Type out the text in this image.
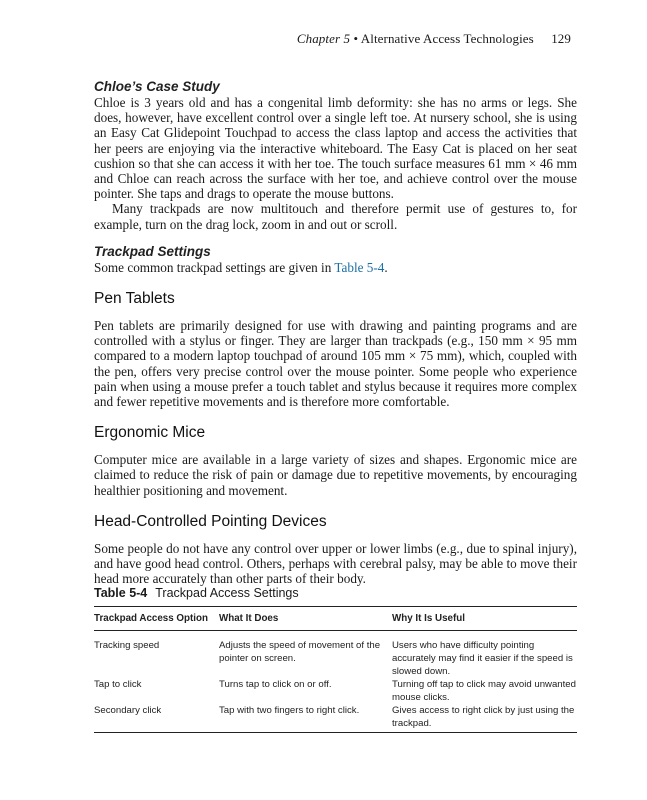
Chapter 5 • Alternative Access Technologies 129
Chloe’s Case Study

Chloe is 3 years old and has a congenital limb deformity: she has no arms or legs. She does, however, have excellent control over a single left toe. At nursery school, she is using an Easy Cat Glidepoint Touchpad to access the class laptop and access the activities that her peers are enjoying via the interactive whiteboard. The Easy Cat is placed on her seat cushion so that she can access it with her toe. The touch surface measures 61 mm × 46 mm and Chloe can reach across the surface with her toe, and achieve control over the mouse pointer. She taps and drags to operate the mouse buttons.

Many trackpads are now multitouch and therefore permit use of gestures to, for example, turn on the drag lock, zoom in and out or scroll.

Trackpad Settings

Some common trackpad settings are given in Table 5-4.

Pen Tablets

Pen tablets are primarily designed for use with drawing and painting programs and are controlled with a stylus or finger. They are larger than trackpads (e.g., 150 mm × 95 mm compared to a modern laptop touchpad of around 105 mm × 75 mm), which, coupled with the pen, offers very precise control over the mouse pointer. Some people who experience pain when using a mouse prefer a touch tablet and stylus because it requires more complex and fewer repetitive movements and is therefore more comfortable.

Ergonomic Mice

Computer mice are available in a large variety of sizes and shapes. Ergonomic mice are claimed to reduce the risk of pain or damage due to repetitive movements, by encouraging healthier positioning and movement.

Head-Controlled Pointing Devices

Some people do not have any control over upper or lower limbs (e.g., due to spinal injury), and have good head control. Others, perhaps with cerebral palsy, may be able to move their head more accurately than other parts of their body.

Table 5-4 Trackpad Access Settings

Trackpad Access Option	What It Does	Why It Is Useful
Tracking speed	Adjusts the speed of movement of the pointer on screen.	Users who have difficulty pointing accurately may find it easier if the speed is slowed down.
Tap to click	Turns tap to click on or off.	Turning off tap to click may avoid unwanted mouse clicks.
Secondary click	Tap with two fingers to right click.	Gives access to right click by just using the trackpad.
